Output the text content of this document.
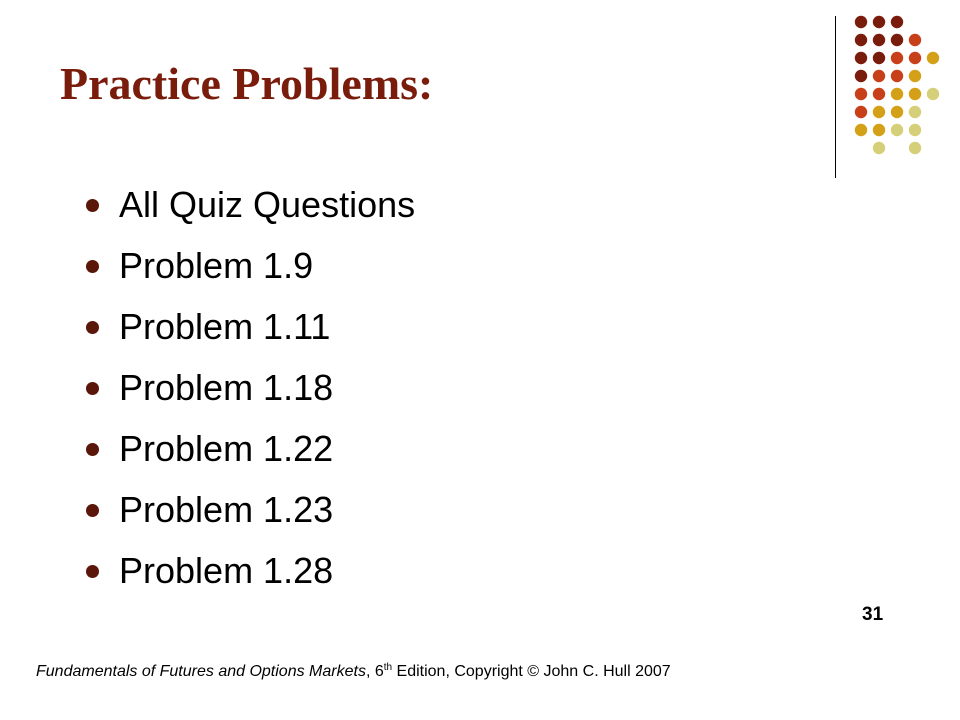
Practice Problems:
All Quiz Questions
Problem 1.9
Problem 1.11
Problem 1.18
Problem 1.22
Problem 1.23
Problem 1.28
31
Fundamentals of Futures and Options Markets, 6th Edition, Copyright © John C. Hull 2007
